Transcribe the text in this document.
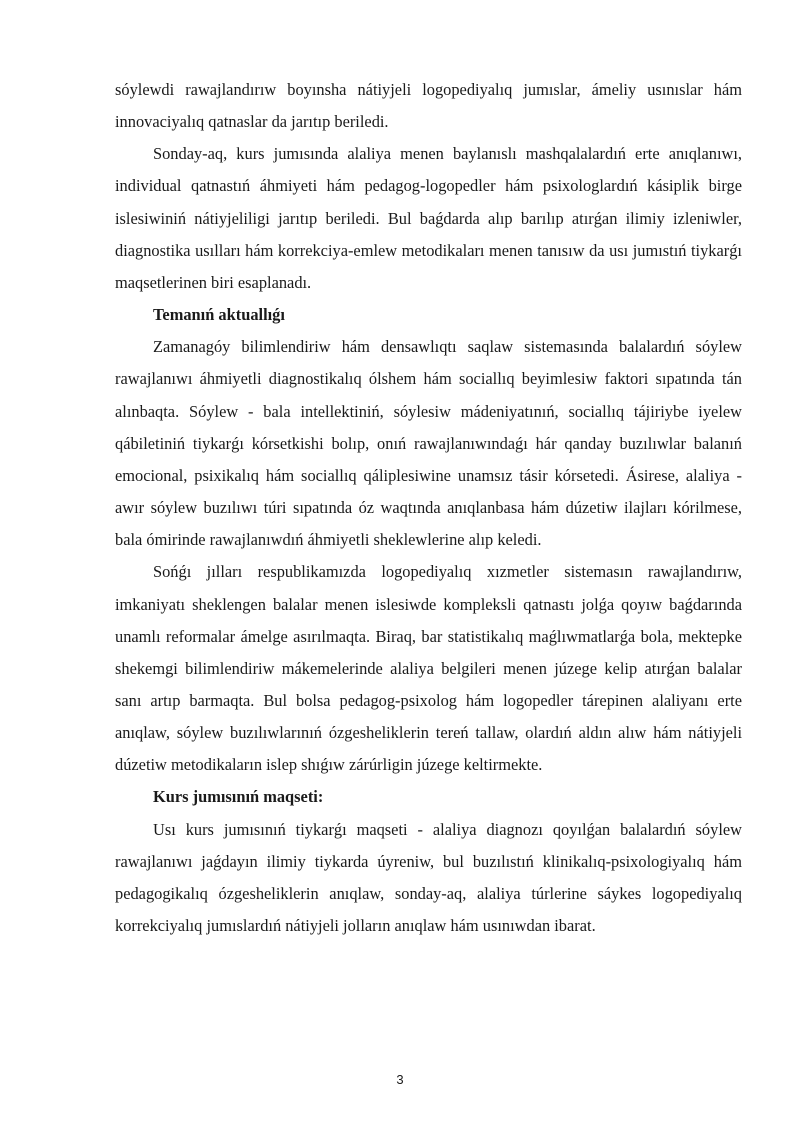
sóylewdi rawajlandırıw boyınsha nátiyjeli logopediyalıq jumıslar, ámeliy usınıslar hám innovaciyalıq qatnaslar da jarıtıp beriledi.

Sonday-aq, kurs jumısında alaliya menen baylanıslı mashqalalardıń erte anıqlanıwı, individual qatnastıń áhmiyeti hám pedagog-logopedler hám psixologlardıń kásiplik birge islesiwiniń nátiyjeliligi jarıtıp beriledi. Bul baǵdarda alıp barılıp atırǵan ilimiy izleniwler, diagnostika usılları hám korrekciya-emlew metodikaları menen tanısıw da usı jumıstıń tiykarǵı maqsetlerinen biri esaplanadı.

Temanıń aktuallıǵı

Zamanagóy bilimlendiriw hám densawlıqtı saqlaw sistemasında balalardıń sóylew rawajlanıwı áhmiyetli diagnostikalıq ólshem hám sociallıq beyimlesiw faktori sıpatında tán alınbaqta. Sóylew - bala intellektiniń, sóylesiw mádeniyatınıń, sociallıq tájiriybe iyelew qábiletiniń tiykarǵı kórsetkishi bolıp, onıń rawajlanıwındaǵı hár qanday buzılıwlar balanıń emocional, psixikalıq hám sociallıq qáliplesiwine unamsız tásir kórsetedi. Ásirese, alaliya - awır sóylew buzılıwı túri sıpatında óz waqtında anıqlanbasa hám dúzetiw ilajları kórilmese, bala ómirinde rawajlanıwdıń áhmiyetli sheklewlerine alıp keledi.

Sońǵı jılları respublikamızda logopediyalıq xızmetler sistemasın rawajlandırıw, imkaniyatı sheklengen balalar menen islesiwde kompleksli qatnastı jolǵa qoyıw baǵdarında unamlı reformalar ámelge asırılmaqta. Biraq, bar statistikalıq maǵlıwmatlarǵa bola, mektepke shekemgi bilimlendiriw mákemelerinde alaliya belgileri menen júzege kelip atırǵan balalar sanı artıp barmaqta. Bul bolsa pedagog-psixolog hám logopedler tárepinen alaliyanı erte anıqlaw, sóylew buzılıwlarınıń ózgesheliklerin tereń tallaw, olardıń aldın alıw hám nátiyjeli dúzetiw metodikaların islep shıǵıw zárúrligin júzege keltirmekte.

Kurs jumısınıń maqseti:

Usı kurs jumısınıń tiykarǵı maqseti - alaliya diagnozı qoyılǵan balalardıń sóylew rawajlanıwı jaǵdayın ilimiy tiykarda úyreniw, bul buzılıstıń klinikalıq-psixologiyalıq hám pedagogikalıq ózgesheliklerin anıqlaw, sonday-aq, alaliya túrlerine sáykes logopediyalıq korrekciyalıq jumıslardıń nátiyjeli jolların anıqlaw hám usınıwdan ibarat.

3
